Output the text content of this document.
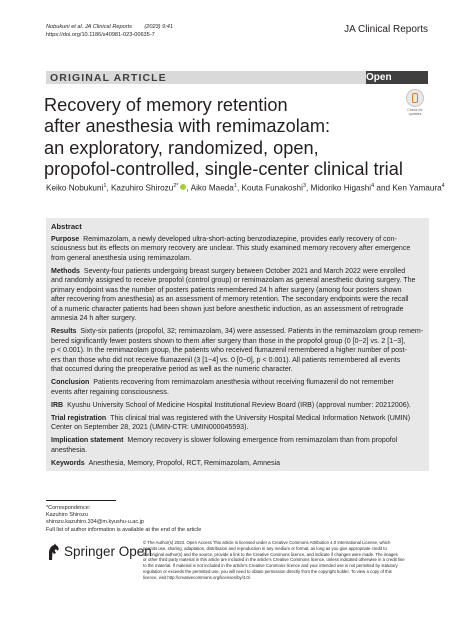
Nobukuni et al. JA Clinical Reports (2023) 9:41
https://doi.org/10.1186/s40981-023-00635-7	JA Clinical Reports
ORIGINAL ARTICLE	Open Access
Check for
updates
Recovery of memory retention
after anesthesia with remimazolam:
an exploratory, randomized, open,
propofol-controlled, single-center clinical trial
Keiko Nobukuni$^1$, Kazuhiro Shirozu$^{2*}$ , Aiko Maeda$^1$, Kouta Funakoshi$^3$, Midoriko Higashi$^4$ and Ken Yamaura$^4$
Abstract
Purpose Remimazolam, a newly developed ultra-short-acting benzodiazepine, provides early recovery of con-
sciousness but its effects on memory recovery are unclear. This study examined memory recovery after emergence
from general anesthesia using remimazolam.
Methods Seventy-four patients undergoing breast surgery between October 2021 and March 2022 were enrolled
and randomly assigned to receive propofol (control group) or remimazolam as general anesthetic during surgery. The
primary endpoint was the number of posters patients remembered 24 h after surgery (among four posters shown
after recovering from anesthesia) as an assessment of memory retention. The secondary endpoints were the recall
of a numeric character patients had been shown just before anesthetic induction, as an assessment of retrograde
amnesia 24 h after surgery.
Results Sixty-six patients (propofol, 32; remimazolam, 34) were assessed. Patients in the remimazolam group remem-
bered significantly fewer posters shown to them after surgery than those in the propofol group (0 [0−2] vs. 2 [1−3],
p < 0.001). In the remimazolam group, the patients who received flumazenil remembered a higher number of post-
ers than those who did not receive flumazenil (3 [1−4] vs. 0 [0−0], p < 0.001). All patients remembered all events
that occurred during the preoperative period as well as the numeric character.
Conclusion Patients recovering from remimazolam anesthesia without receiving flumazenil do not remember
events after regaining consciousness.
IRB Kyushu University School of Medicine Hospital Institutional Review Board (IRB) (approval number: 20212006).
Trial registration This clinical trial was registered with the University Hospital Medical Information Network (UMIN)
Center on September 28, 2021 (UMIN-CTR: UMIN000045593).
Implication statement Memory recovery is slower following emergence from remimazolam than from propofol
anesthesia.
Keywords Anesthesia, Memory, Propofol, RCT, Remimazolam, Amnesia
*Correspondence:
Kazuhiro Shirozu
shirozu.kazuhiro.334@m.kyushu-u.ac.jp
Full list of author information is available at the end of the article
Springer Open
© The Author(s) 2023. Open Access This article is licensed under a Creative Commons Attribution 4.0 International License, which
permits use, sharing, adaptation, distribution and reproduction in any medium or format, as long as you give appropriate credit to
the original author(s) and the source, provide a link to the Creative Commons licence, and indicate if changes were made. The images
or other third party material in this article are included in the article's Creative Commons licence, unless indicated otherwise in a credit line
to the material. If material is not included in the article's Creative Commons licence and your intended use is not permitted by statutory
regulation or exceeds the permitted use, you will need to obtain permission directly from the copyright holder. To view a copy of this
licence, visit http://creativecommons.org/licenses/by/4.0/.
